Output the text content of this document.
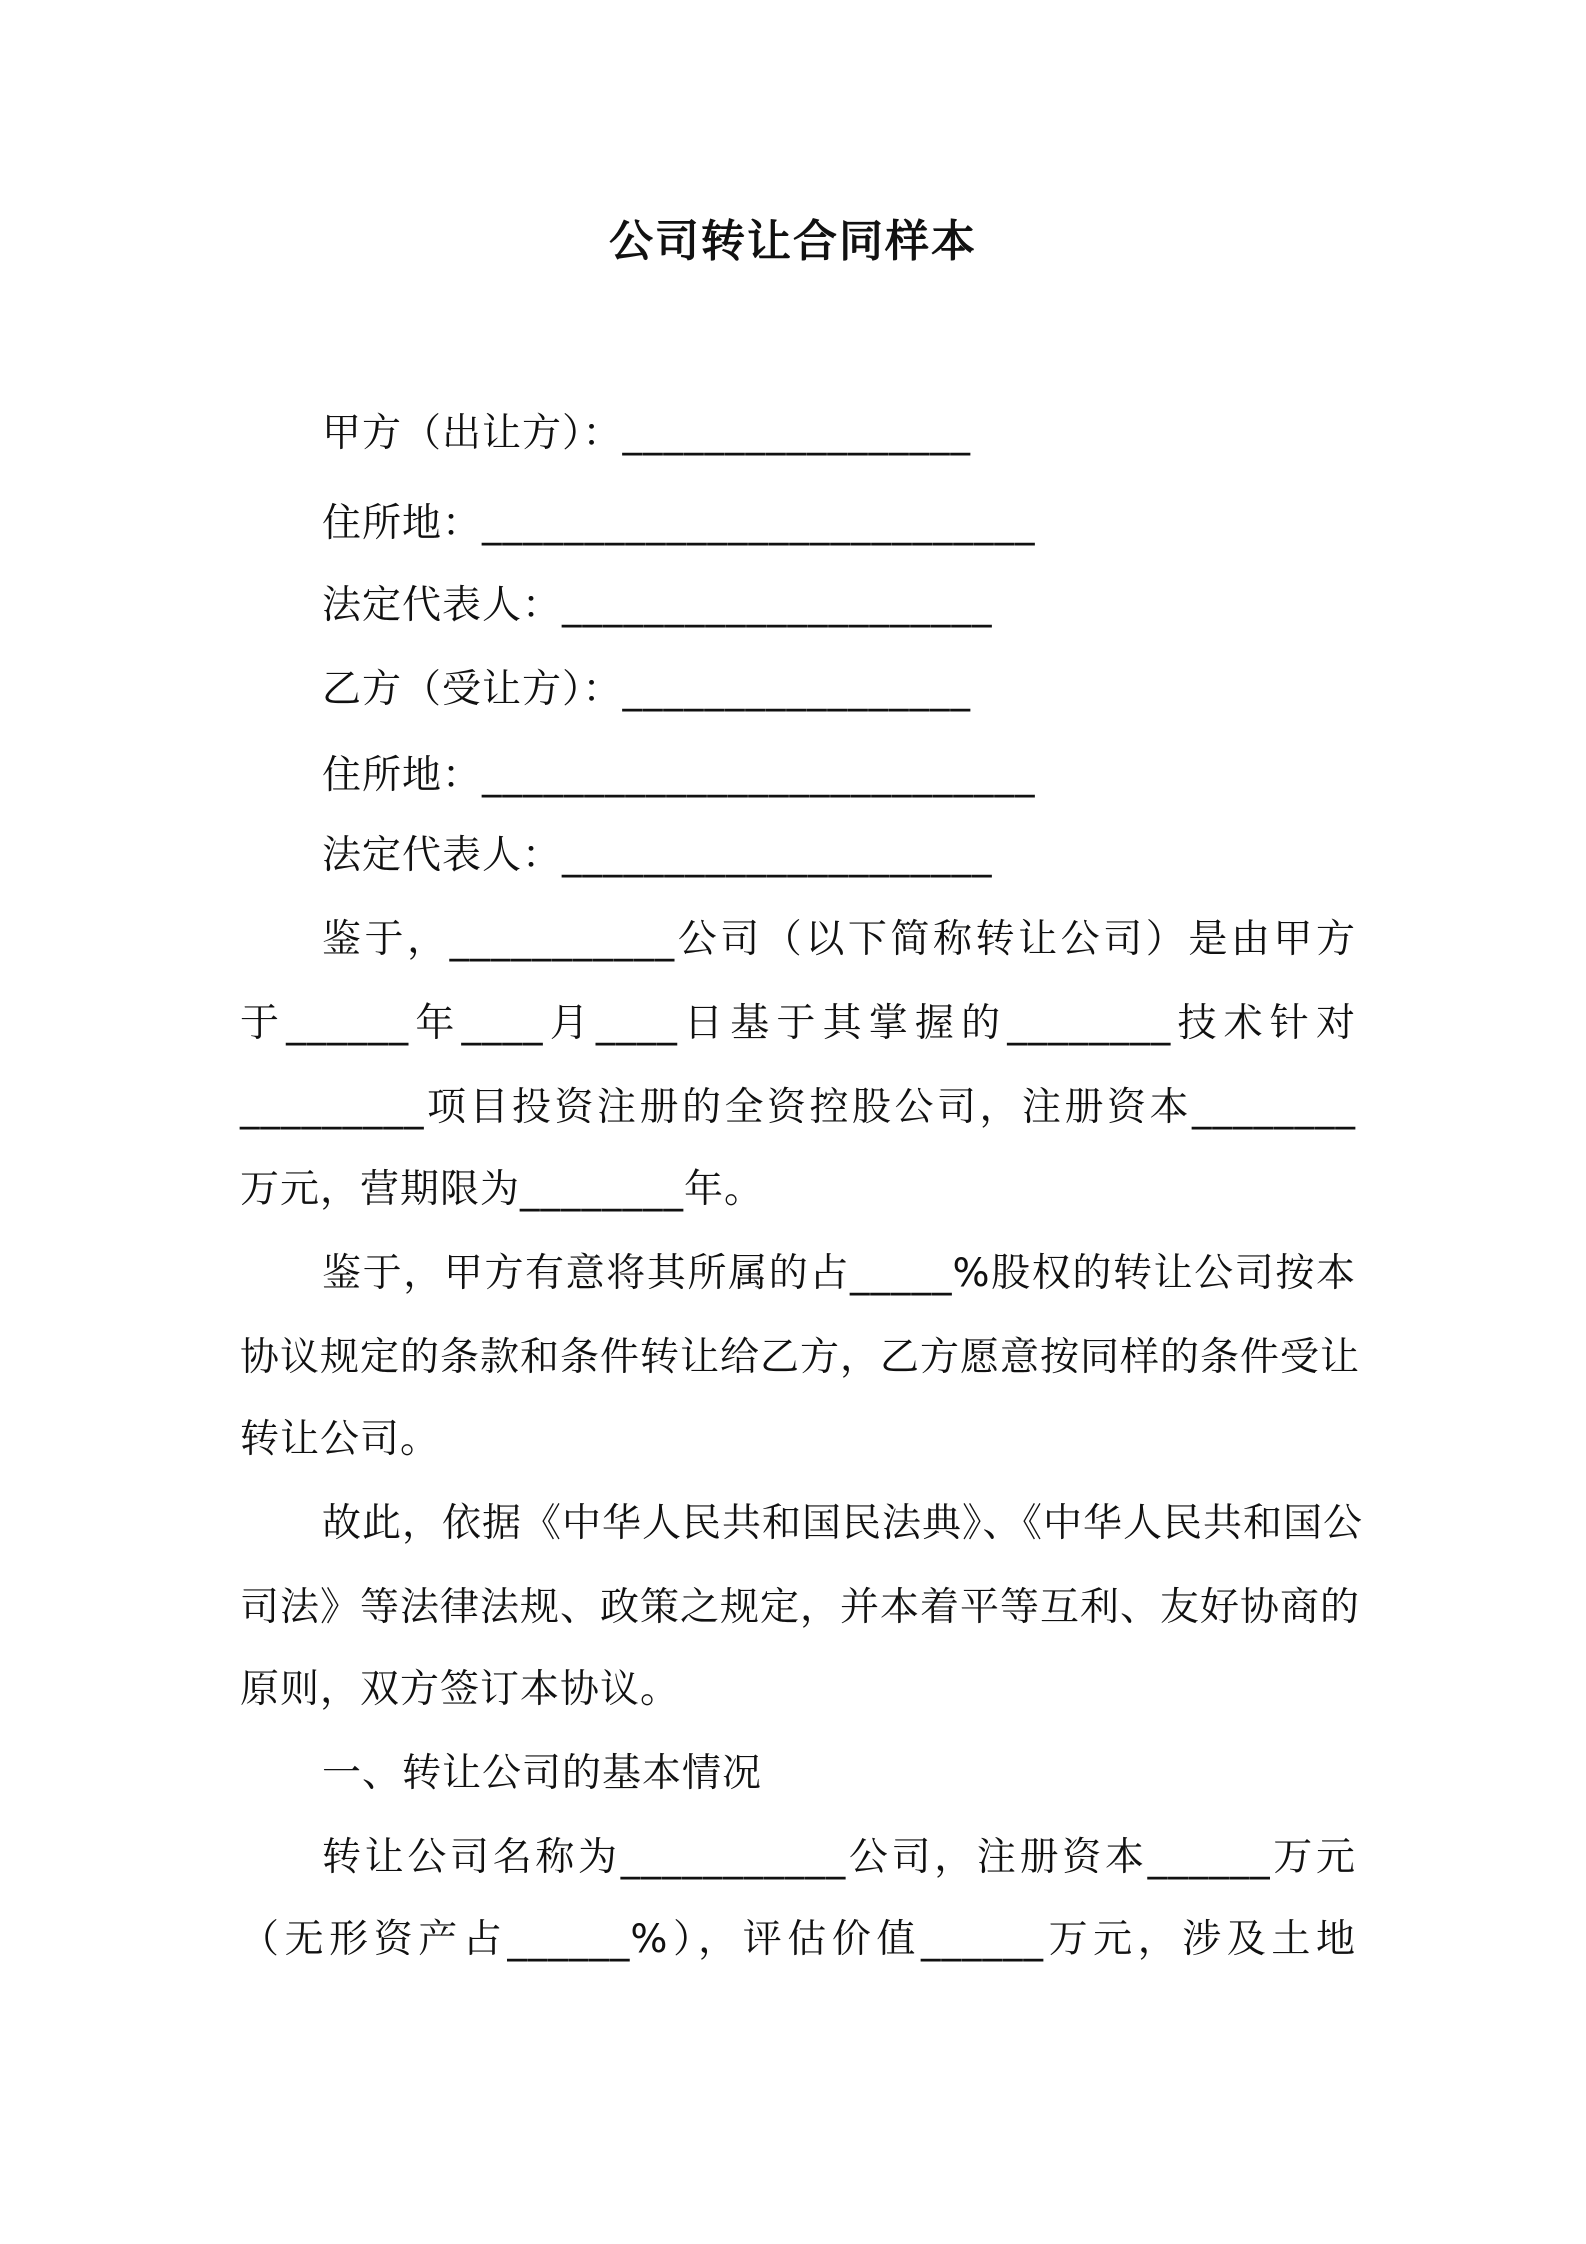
公司转让合同样本
甲方（出让方）：_________________
住所地：___________________________
法定代表人：_____________________
乙方（受让方）：_________________
住所地：___________________________
法定代表人：_____________________
鉴于，___________公司（以下简称转让公司）是由甲方
于______年____月____日基于其掌握的________技术针对
_________项目投资注册的全资控股公司，注册资本________
万元，营期限为________年。
鉴于，甲方有意将其所属的占_____%股权的转让公司按本
协议规定的条款和条件转让给乙方，乙方愿意按同样的条件受让
转让公司。
故此，依据《中华人民共和国民法典》、《中华人民共和国公
司法》等法律法规、政策之规定，并本着平等互利、友好协商的
原则，双方签订本协议。
一、转让公司的基本情况
转让公司名称为___________公司，注册资本______万元
（无形资产占______%），评估价值______万元，涉及土地
